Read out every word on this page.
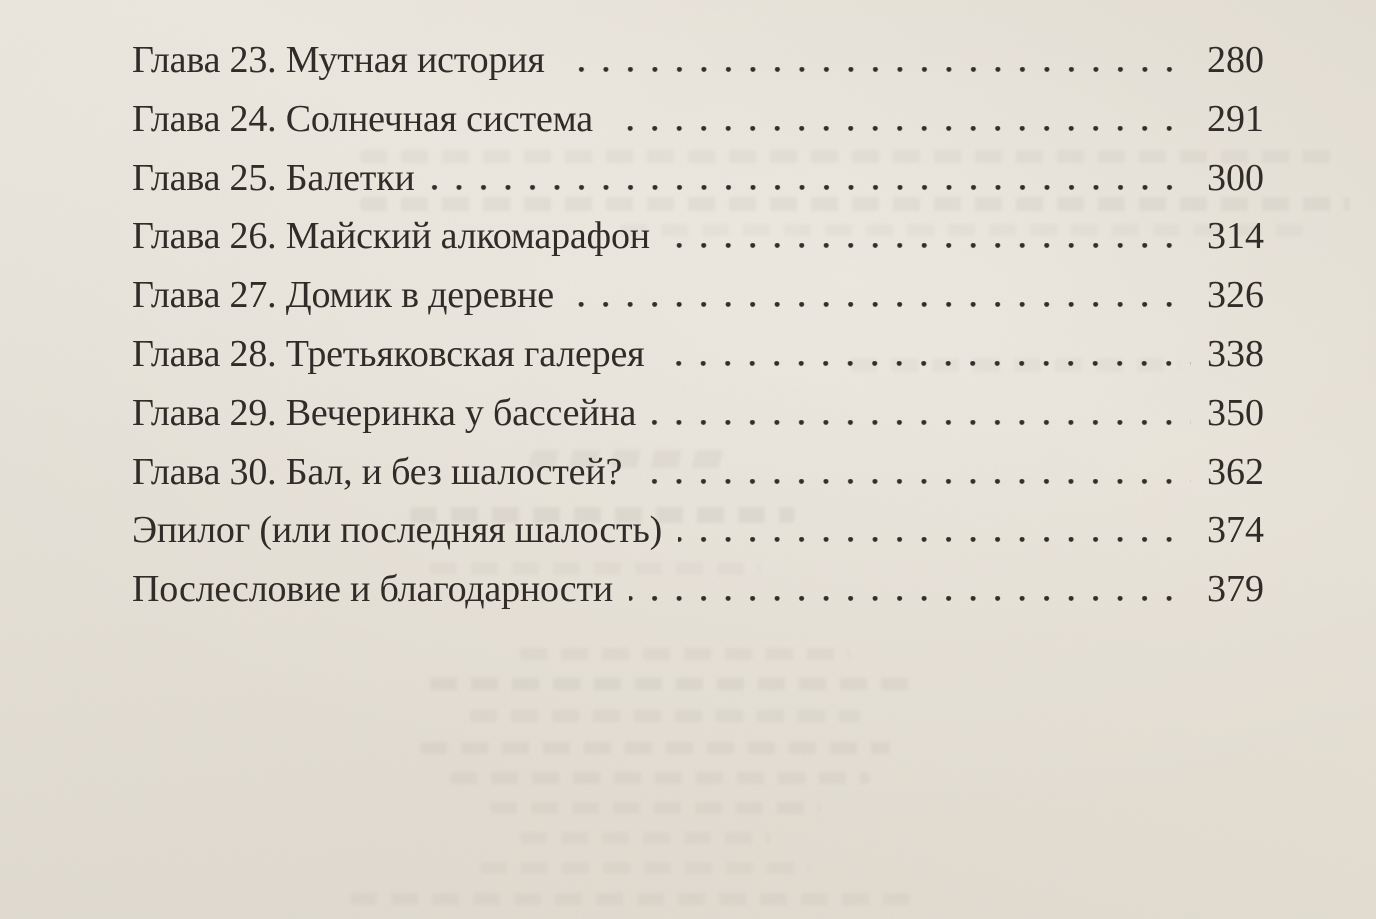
Глава 23. Мутная история	280
Глава 24. Солнечная система	291
Глава 25. Балетки	300
Глава 26. Майский алкомарафон	314
Глава 27. Домик в деревне	326
Глава 28. Третьяковская галерея	338
Глава 29. Вечеринка у бассейна	350
Глава 30. Бал, и без шалостей?	362
Эпилог (или последняя шалость)	374
Послесловие и благодарности	379
